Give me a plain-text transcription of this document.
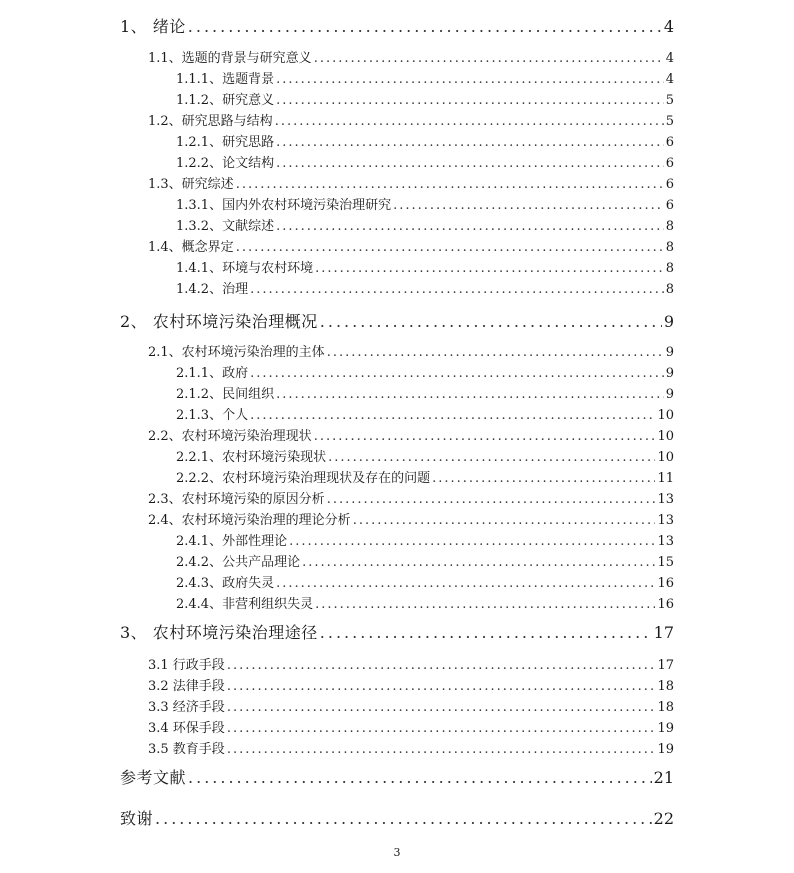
1、 绪论 .....	4
1.1、选题的背景与研究意义 .....	4
1.1.1、选题背景 .....	4
1.1.2、研究意义 .....	5
1.2、研究思路与结构 .....	5
1.2.1、研究思路 .....	6
1.2.2、论文结构 .....	6
1.3、研究综述 .....	6
1.3.1、国内外农村环境污染治理研究 .....	6
1.3.2、文献综述 .....	8
1.4、概念界定 .....	8
1.4.1、环境与农村环境 .....	8
1.4.2、治理 .....	8
2、 农村环境污染治理概况 .....	9
2.1、农村环境污染治理的主体 .....	9
2.1.1、政府 .....	9
2.1.2、民间组织 .....	9
2.1.3、个人 .....	10
2.2、农村环境污染治理现状 .....	10
2.2.1、农村环境污染现状 .....	10
2.2.2、农村环境污染治理现状及存在的问题 .....	11
2.3、农村环境污染的原因分析 .....	13
2.4、农村环境污染治理的理论分析 .....	13
2.4.1、外部性理论 .....	13
2.4.2、公共产品理论 .....	15
2.4.3、政府失灵 .....	16
2.4.4、非营利组织失灵 .....	16
3、 农村环境污染治理途径 .....	17
3.1 行政手段 .....	17
3.2 法律手段 .....	18
3.3 经济手段 .....	18
3.4 环保手段 .....	19
3.5 教育手段 .....	19
参考文献 .....	21
致谢 .....	22
3
